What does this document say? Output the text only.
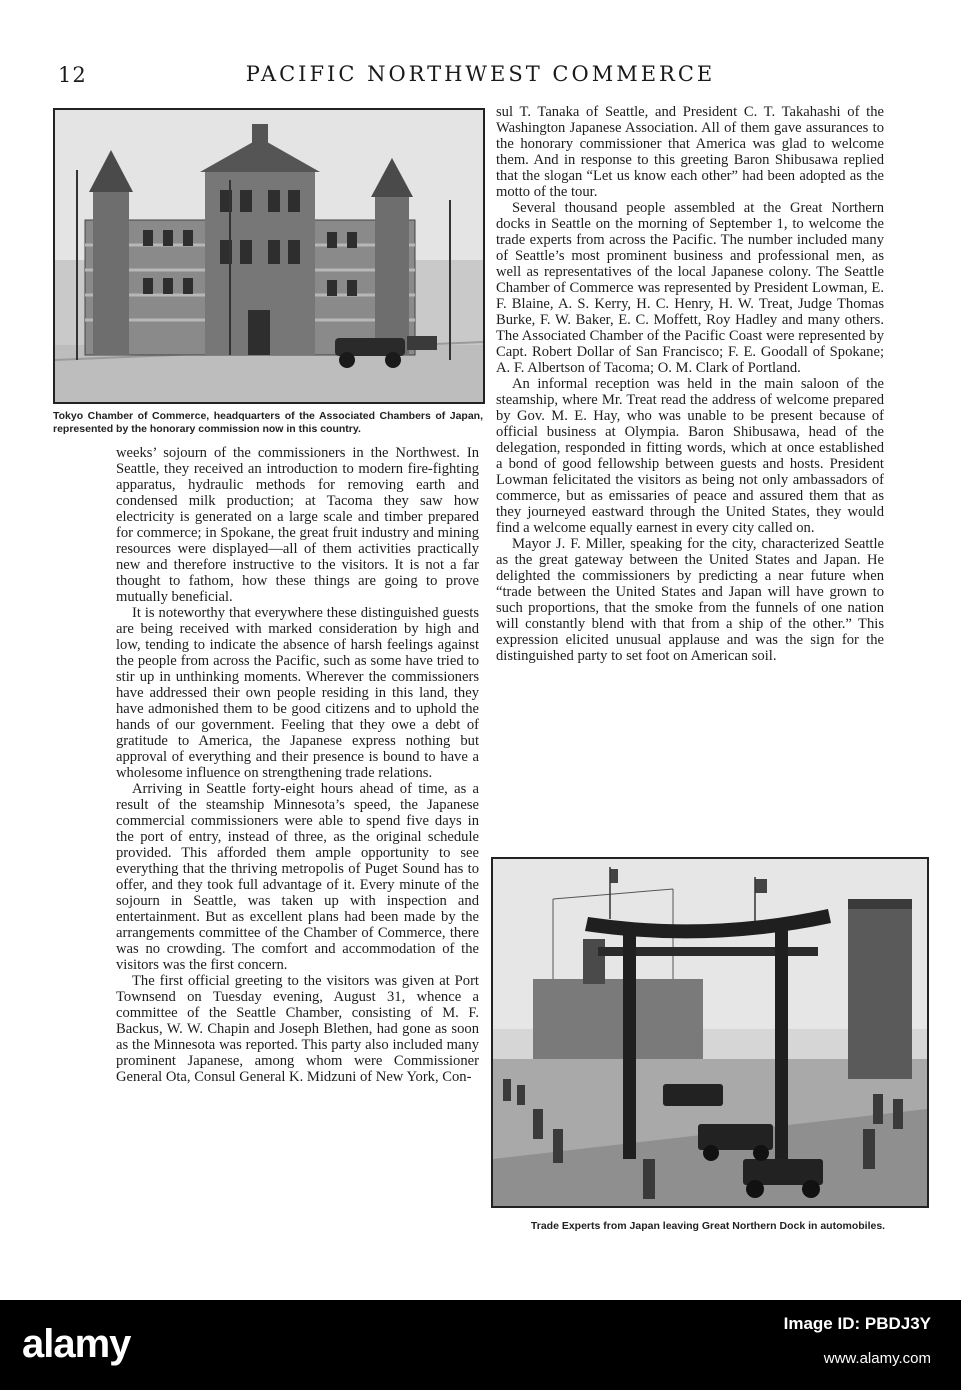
12	PACIFIC NORTHWEST COMMERCE
Tokyo Chamber of Commerce, headquarters of the Associated Chambers of Japan, represented by the honorary commission now in this country.

weeks’ sojourn of the commissioners in the Northwest. In Seattle, they received an introduction to modern fire-fighting apparatus, hydraulic methods for removing earth and condensed milk production; at Tacoma they saw how electricity is generated on a large scale and timber prepared for commerce; in Spokane, the great fruit industry and mining resources were displayed—all of them activities practically new and therefore instructive to the visitors. It is not a far thought to fathom, how these things are going to prove mutually beneficial.

It is noteworthy that everywhere these distinguished guests are being received with marked consideration by high and low, tending to indicate the absence of harsh feelings against the people from across the Pacific, such as some have tried to stir up in unthinking moments. Wherever the commissioners have addressed their own people residing in this land, they have admonished them to be good citizens and to uphold the hands of our government. Feeling that they owe a debt of gratitude to America, the Japanese express nothing but approval of everything and their presence is bound to have a wholesome influence on strengthening trade relations.

Arriving in Seattle forty-eight hours ahead of time, as a result of the steamship Minnesota’s speed, the Japanese commercial commissioners were able to spend five days in the port of entry, instead of three, as the original schedule provided. This afforded them ample opportunity to see everything that the thriving metropolis of Puget Sound has to offer, and they took full advantage of it. Every minute of the sojourn in Seattle, was taken up with inspection and entertainment. But as excellent plans had been made by the arrangements committee of the Chamber of Commerce, there was no crowding. The comfort and accommodation of the visitors was the first concern.

The first official greeting to the visitors was given at Port Townsend on Tuesday evening, August 31, whence a committee of the Seattle Chamber, consisting of M. F. Backus, W. W. Chapin and Joseph Blethen, had gone as soon as the Minnesota was reported. This party also included many prominent Japanese, among whom were Commissioner General Ota, Consul General K. Midzuni of New York, Con-

sul T. Tanaka of Seattle, and President C. T. Takahashi of the Washington Japanese Association. All of them gave assurances to the honorary commissioner that America was glad to welcome them. And in response to this greeting Baron Shibusawa replied that the slogan “Let us know each other” had been adopted as the motto of the tour.

Several thousand people assembled at the Great Northern docks in Seattle on the morning of September 1, to welcome the trade experts from across the Pacific. The number included many of Seattle’s most prominent business and professional men, as well as representatives of the local Japanese colony. The Seattle Chamber of Commerce was represented by President Lowman, E. F. Blaine, A. S. Kerry, H. C. Henry, H. W. Treat, Judge Thomas Burke, F. W. Baker, E. C. Moffett, Roy Hadley and many others. The Associated Chamber of the Pacific Coast were represented by Capt. Robert Dollar of San Francisco; F. E. Goodall of Spokane; A. F. Albertson of Tacoma; O. M. Clark of Portland.

An informal reception was held in the main saloon of the steamship, where Mr. Treat read the address of welcome prepared by Gov. M. E. Hay, who was unable to be present because of official business at Olympia. Baron Shibusawa, head of the delegation, responded in fitting words, which at once established a bond of good fellowship between guests and hosts. President Lowman felicitated the visitors as being not only ambassadors of commerce, but as emissaries of peace and assured them that as they journeyed eastward through the United States, they would find a welcome equally earnest in every city called on.

Mayor J. F. Miller, speaking for the city, characterized Seattle as the great gateway between the United States and Japan. He delighted the commissioners by predicting a near future when “trade between the United States and Japan will have grown to such proportions, that the smoke from the funnels of one nation will constantly blend with that from a ship of the other.” This expression elicited unusual applause and was the sign for the distinguished party to set foot on American soil.

Trade Experts from Japan leaving Great Northern Dock in automobiles.
alamy	Image ID: PBDJ3Y
www.alamy.com
